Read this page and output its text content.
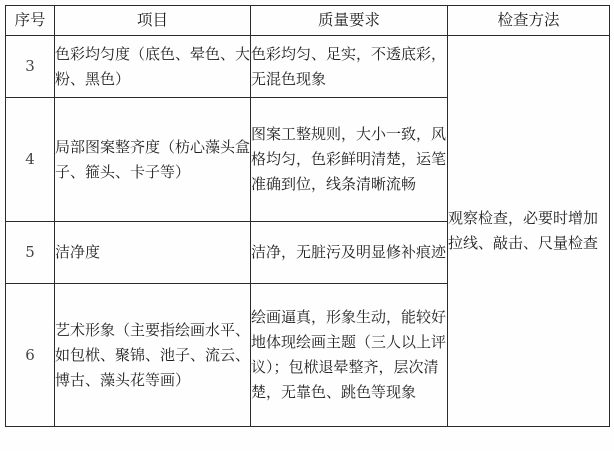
序号	项目	质量要求	检查方法
3	色彩均匀度（底色、晕色、大粉、黑色）	色彩均匀、足实，不透底彩，无混色现象	观察检查，必要时增加拉线、敲击、尺量检查
4	局部图案整齐度（枋心藻头盒子、箍头、卡子等）	图案工整规则，大小一致，风格均匀，色彩鲜明清楚，运笔准确到位，线条清晰流畅	
5	洁净度	洁净，无脏污及明显修补痕迹	
6	艺术形象（主要指绘画水平、如包栿、聚锦、池子、流云、博古、藻头花等画）	绘画逼真，形象生动，能较好地体现绘画主题（三人以上评议）；包栿退晕整齐，层次清楚，无靠色、跳色等现象	
